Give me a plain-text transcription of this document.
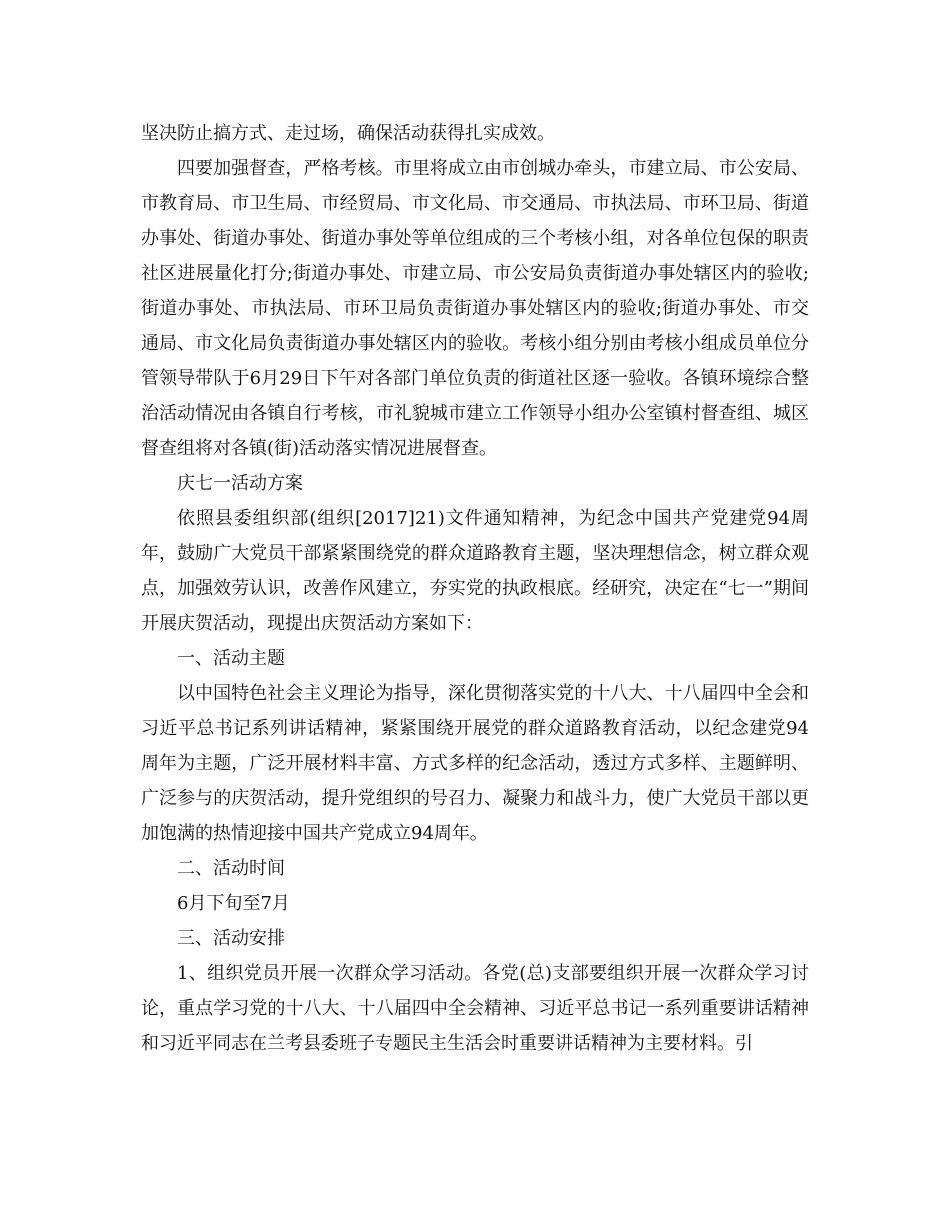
坚决防止搞方式、走过场，确保活动获得扎实成效。

四要加强督查，严格考核。市里将成立由市创城办牵头，市建立局、市公安局、市教育局、市卫生局、市经贸局、市文化局、市交通局、市执法局、市环卫局、街道办事处、街道办事处、街道办事处等单位组成的三个考核小组，对各单位包保的职责社区进展量化打分;街道办事处、市建立局、市公安局负责街道办事处辖区内的验收;街道办事处、市执法局、市环卫局负责街道办事处辖区内的验收;街道办事处、市交通局、市文化局负责街道办事处辖区内的验收。考核小组分别由考核小组成员单位分管领导带队于6月29日下午对各部门单位负责的街道社区逐一验收。各镇环境综合整治活动情况由各镇自行考核，市礼貌城市建立工作领导小组办公室镇村督查组、城区督查组将对各镇(街)活动落实情况进展督查。

庆七一活动方案

依照县委组织部(组织[2017]21)文件通知精神，为纪念中国共产党建党94周年，鼓励广大党员干部紧紧围绕党的群众道路教育主题，坚决理想信念，树立群众观点，加强效劳认识，改善作风建立，夯实党的执政根底。经研究，决定在“七一”期间开展庆贺活动，现提出庆贺活动方案如下：

一、活动主题

以中国特色社会主义理论为指导，深化贯彻落实党的十八大、十八届四中全会和习近平总书记系列讲话精神，紧紧围绕开展党的群众道路教育活动，以纪念建党94周年为主题，广泛开展材料丰富、方式多样的纪念活动，透过方式多样、主题鲜明、广泛参与的庆贺活动，提升党组织的号召力、凝聚力和战斗力，使广大党员干部以更加饱满的热情迎接中国共产党成立94周年。

二、活动时间

6月下旬至7月

三、活动安排

1、组织党员开展一次群众学习活动。各党(总)支部要组织开展一次群众学习讨论，重点学习党的十八大、十八届四中全会精神、习近平总书记一系列重要讲话精神和习近平同志在兰考县委班子专题民主生活会时重要讲话精神为主要材料。引
